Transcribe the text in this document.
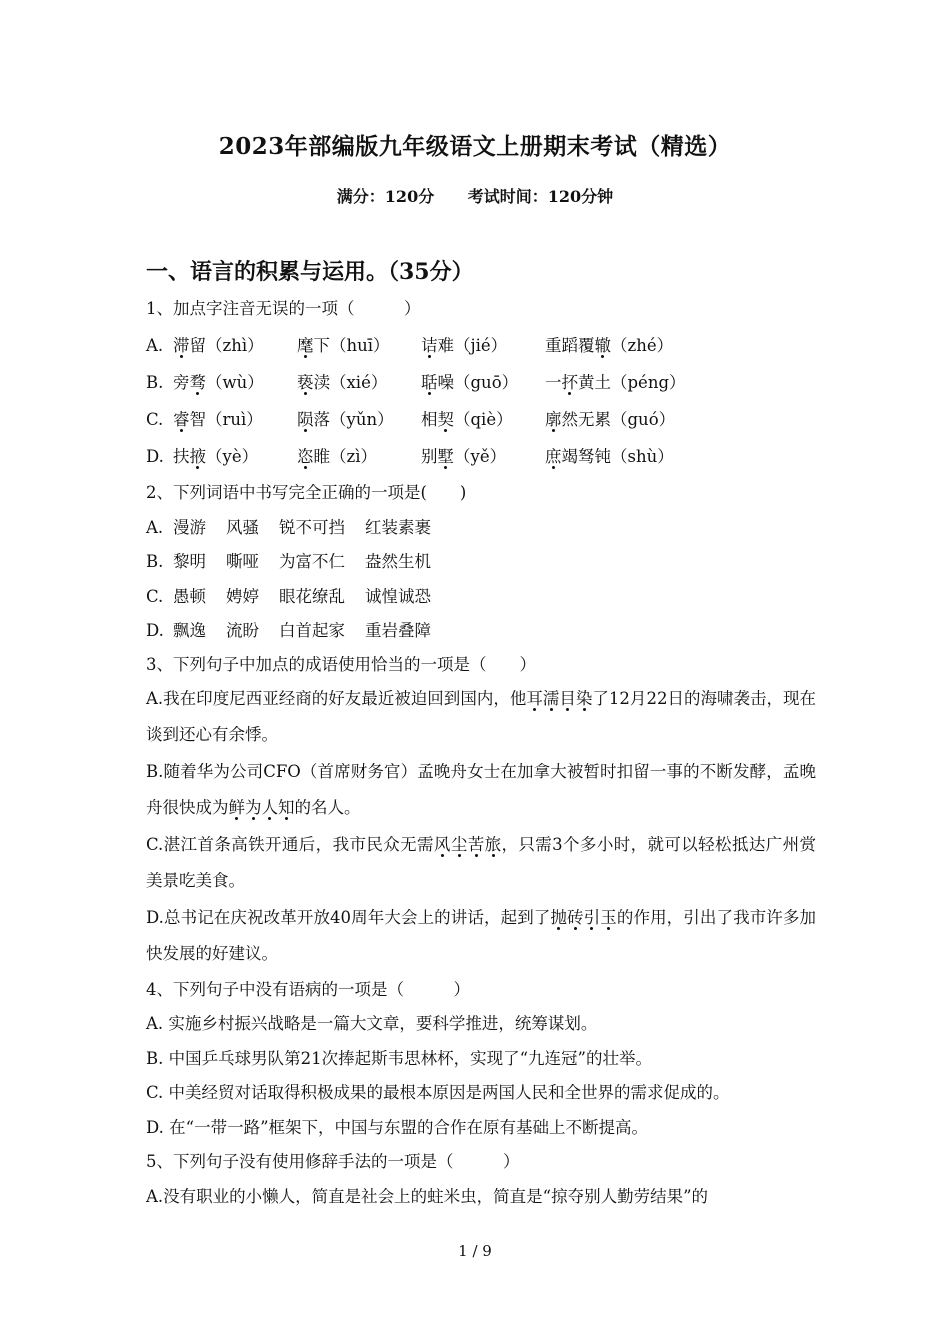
2023年部编版九年级语文上册期末考试（精选）
满分：120分 考试时间：120分钟
一、语言的积累与运用。（35分）
1、加点字注音无误的一项（　　　）
A. 滞留（zhì）	麾下（huī）	诘难（jié）	重蹈覆辙（zhé）
B. 旁骛（wù）	亵渎（xié）	聒噪（guō）	一抔黄土（péng）
C. 睿智（ruì）	陨落（yǔn）	相契（qiè）	廓然无累（guó）
D. 扶掖（yè）	恣睢（zì）	别墅（yě）	庶竭驽钝（shù）
2、下列词语中书写完全正确的一项是(　　)
A. 漫游 风骚 锐不可挡 红装素裹
B. 黎明 嘶哑 为富不仁 盎然生机
C. 愚顿 娉婷 眼花缭乱 诚惶诚恐
D. 飘逸 流盼 白首起家 重岩叠障
3、下列句子中加点的成语使用恰当的一项是（　　）
A.我在印度尼西亚经商的好友最近被迫回到国内，他耳濡目染了12月22日的海啸袭击，现在谈到还心有余悸。
B.随着华为公司CFO（首席财务官）孟晚舟女士在加拿大被暂时扣留一事的不断发酵，孟晚舟很快成为鲜为人知的名人。
C.湛江首条高铁开通后，我市民众无需风尘苦旅，只需3个多小时，就可以轻松抵达广州赏美景吃美食。
D.总书记在庆祝改革开放40周年大会上的讲话，起到了抛砖引玉的作用，引出了我市许多加快发展的好建议。
4、下列句子中没有语病的一项是（　　　）
A. 实施乡村振兴战略是一篇大文章，要科学推进，统筹谋划。
B. 中国乒乓球男队第21次捧起斯韦思林杯，实现了“九连冠”的壮举。
C. 中美经贸对话取得积极成果的最根本原因是两国人民和全世界的需求促成的。
D. 在“一带一路”框架下，中国与东盟的合作在原有基础上不断提高。
5、下列句子没有使用修辞手法的一项是（　　　）
A.没有职业的小懒人，简直是社会上的蛀米虫，简直是“掠夺别人勤劳结果”的
1 / 9
